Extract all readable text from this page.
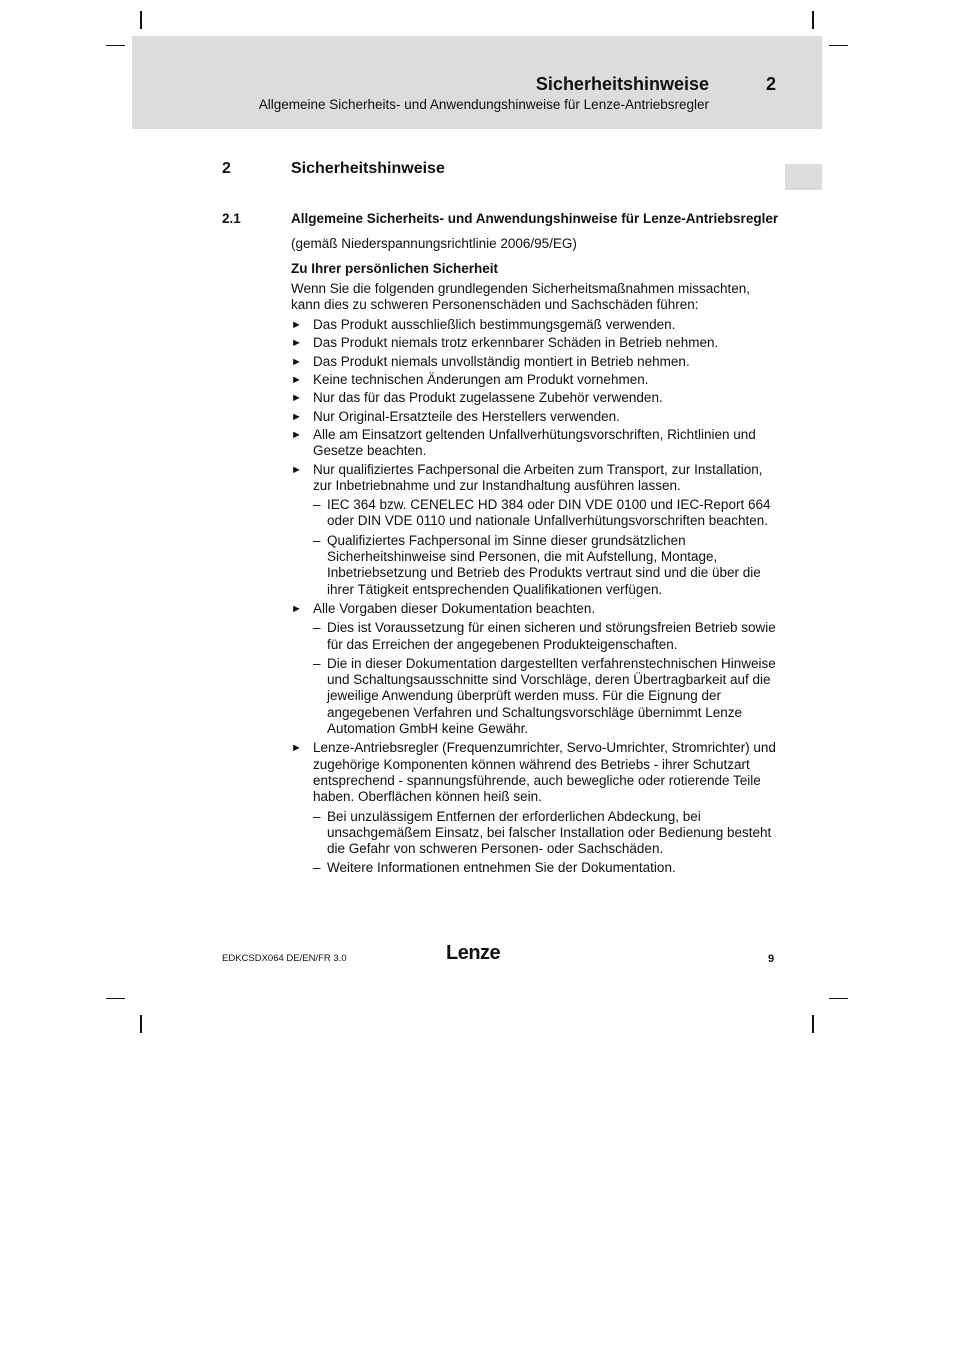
Sicherheitshinweise	2
Allgemeine Sicherheits- und Anwendungshinweise für Lenze-Antriebsregler
2	Sicherheitshinweise
2.1	Allgemeine Sicherheits- und Anwendungshinweise für Lenze-Antriebsregler

(gemäß Niederspannungsrichtlinie 2006/95/EG)

Zu Ihrer persönlichen Sicherheit

Wenn Sie die folgenden grundlegenden Sicherheitsmaßnahmen missachten, kann dies zu schweren Personenschäden und Sachschäden führen:

► Das Produkt ausschließlich bestimmungsgemäß verwenden.
► Das Produkt niemals trotz erkennbarer Schäden in Betrieb nehmen.
► Das Produkt niemals unvollständig montiert in Betrieb nehmen.
► Keine technischen Änderungen am Produkt vornehmen.
► Nur das für das Produkt zugelassene Zubehör verwenden.
► Nur Original-Ersatzteile des Herstellers verwenden.
► Alle am Einsatzort geltenden Unfallverhütungsvorschriften, Richtlinien und Gesetze beachten.
► Nur qualifiziertes Fachpersonal die Arbeiten zum Transport, zur Installation, zur Inbetriebnahme und zur Instandhaltung ausführen lassen.
– IEC 364 bzw. CENELEC HD 384 oder DIN VDE 0100 und IEC-Report 664 oder DIN VDE 0110 und nationale Unfallverhütungsvorschriften beachten.
– Qualifiziertes Fachpersonal im Sinne dieser grundsätzlichen Sicherheitshinweise sind Personen, die mit Aufstellung, Montage, Inbetriebsetzung und Betrieb des Produkts vertraut sind und die über die ihrer Tätigkeit entsprechenden Qualifikationen verfügen.
► Alle Vorgaben dieser Dokumentation beachten.
– Dies ist Voraussetzung für einen sicheren und störungsfreien Betrieb sowie für das Erreichen der angegebenen Produkteigenschaften.
– Die in dieser Dokumentation dargestellten verfahrenstechnischen Hinweise und Schaltungsausschnitte sind Vorschläge, deren Übertragbarkeit auf die jeweilige Anwendung überprüft werden muss. Für die Eignung der angegebenen Verfahren und Schaltungsvorschläge übernimmt Lenze Automation GmbH keine Gewähr.
► Lenze-Antriebsregler (Frequenzumrichter, Servo-Umrichter, Stromrichter) und zugehörige Komponenten können während des Betriebs - ihrer Schutzart entsprechend - spannungsführende, auch bewegliche oder rotierende Teile haben. Oberflächen können heiß sein.
– Bei unzulässigem Entfernen der erforderlichen Abdeckung, bei unsachgemäßem Einsatz, bei falscher Installation oder Bedienung besteht die Gefahr von schweren Personen- oder Sachschäden.
– Weitere Informationen entnehmen Sie der Dokumentation.
EDKCSDX064 DE/EN/FR 3.0	Lenze	9
